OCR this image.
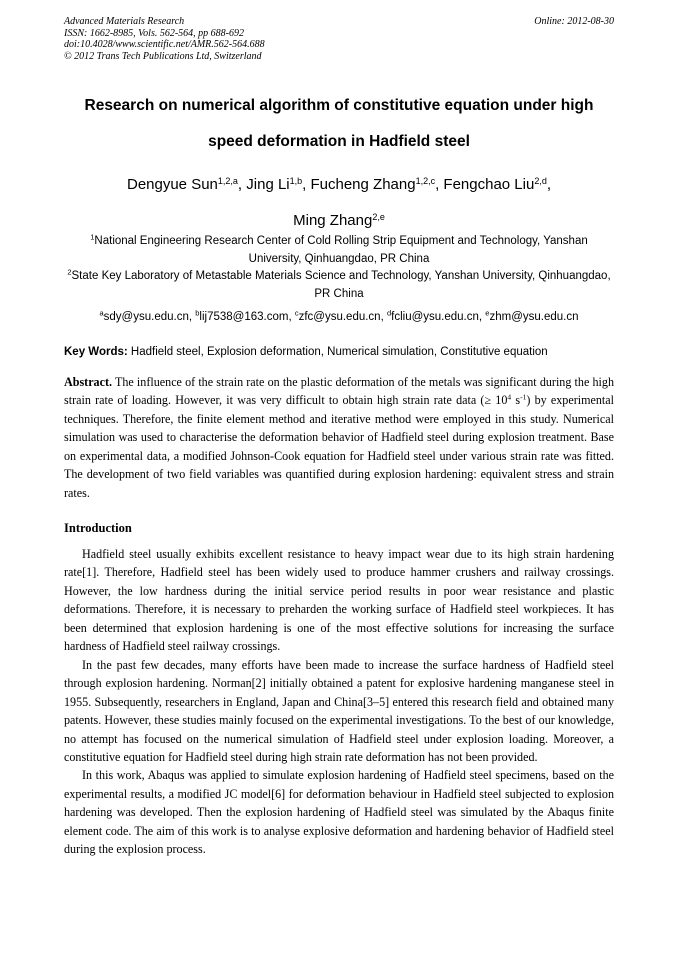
Advanced Materials Research
ISSN: 1662-8985, Vols. 562-564, pp 688-692
doi:10.4028/www.scientific.net/AMR.562-564.688
© 2012 Trans Tech Publications Ltd, Switzerland
Online: 2012-08-30
Research on numerical algorithm of constitutive equation under high
speed deformation in Hadfield steel
Dengyue Sun$^{1,2,a}$, Jing Li$^{1,b}$, Fucheng Zhang$^{1,2,c}$, Fengchao Liu$^{2,d}$,
Ming Zhang$^{2,e}$
$^1$National Engineering Research Center of Cold Rolling Strip Equipment and Technology, Yanshan University, Qinhuangdao, PR China
$^2$State Key Laboratory of Metastable Materials Science and Technology, Yanshan University, Qinhuangdao, PR China
$^a$sdy@ysu.edu.cn, $^b$lij7538@163.com, $^c$zfc@ysu.edu.cn, $^d$fcliu@ysu.edu.cn, $^e$zhm@ysu.edu.cn
Key Words: Hadfield steel, Explosion deformation, Numerical simulation, Constitutive equation
Abstract. The influence of the strain rate on the plastic deformation of the metals was significant during the high strain rate of loading. However, it was very difficult to obtain high strain rate data (≥ $10^4$ $s^{-1}$) by experimental techniques. Therefore, the finite element method and iterative method were employed in this study. Numerical simulation was used to characterise the deformation behavior of Hadfield steel during explosion treatment. Base on experimental data, a modified Johnson-Cook equation for Hadfield steel under various strain rate was fitted. The development of two field variables was quantified during explosion hardening: equivalent stress and strain rates.
Introduction

Hadfield steel usually exhibits excellent resistance to heavy impact wear due to its high strain hardening rate[1]. Therefore, Hadfield steel has been widely used to produce hammer crushers and railway crossings. However, the low hardness during the initial service period results in poor wear resistance and plastic deformations. Therefore, it is necessary to preharden the working surface of Hadfield steel workpieces. It has been determined that explosion hardening is one of the most effective solutions for increasing the surface hardness of Hadfield steel railway crossings.

In the past few decades, many efforts have been made to increase the surface hardness of Hadfield steel through explosion hardening. Norman[2] initially obtained a patent for explosive hardening manganese steel in 1955. Subsequently, researchers in England, Japan and China[3–5] entered this research field and obtained many patents. However, these studies mainly focused on the experimental investigations. To the best of our knowledge, no attempt has focused on the numerical simulation of Hadfield steel under explosion loading. Moreover, a constitutive equation for Hadfield steel during high strain rate deformation has not been provided.

In this work, Abaqus was applied to simulate explosion hardening of Hadfield steel specimens, based on the experimental results, a modified JC model[6] for deformation behaviour in Hadfield steel subjected to explosion hardening was developed. Then the explosion hardening of Hadfield steel was simulated by the Abaqus finite element code. The aim of this work is to analyse explosive deformation and hardening behavior of Hadfield steel during the explosion process.
